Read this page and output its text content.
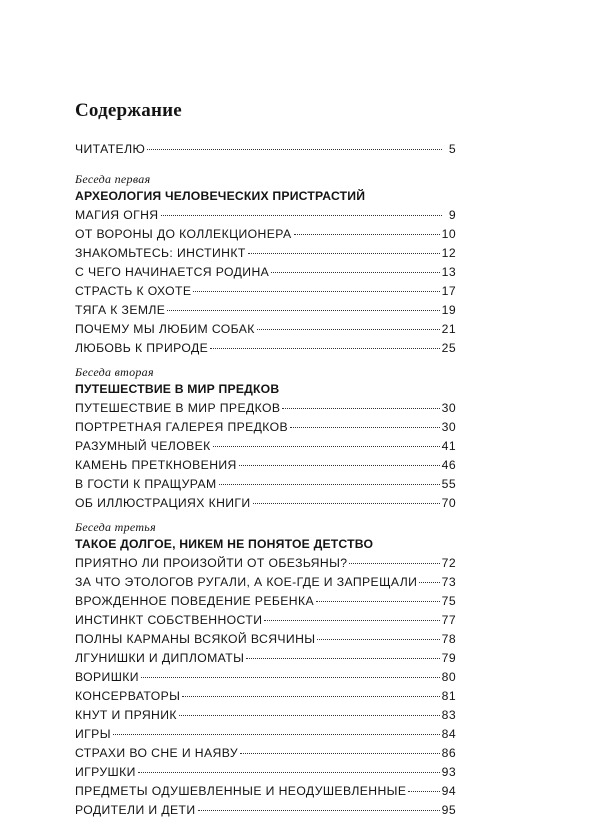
Содержание
ЧИТАТЕЛЮ	5
Беседа первая
АРХЕОЛОГИЯ ЧЕЛОВЕЧЕСКИХ ПРИСТРАСТИЙ
МАГИЯ ОГНЯ	9
ОТ ВОРОНЫ ДО КОЛЛЕКЦИОНЕРА	10
ЗНАКОМЬТЕСЬ: ИНСТИНКТ	12
С ЧЕГО НАЧИНАЕТСЯ РОДИНА	13
СТРАСТЬ К ОХОТЕ	17
ТЯГА К ЗЕМЛЕ	19
ПОЧЕМУ МЫ ЛЮБИМ СОБАК	21
ЛЮБОВЬ К ПРИРОДЕ	25
Беседа вторая
ПУТЕШЕСТВИЕ В МИР ПРЕДКОВ
ПУТЕШЕСТВИЕ В МИР ПРЕДКОВ	30
ПОРТРЕТНАЯ ГАЛЕРЕЯ ПРЕДКОВ	30
РАЗУМНЫЙ ЧЕЛОВЕК	41
КАМЕНЬ ПРЕТКНОВЕНИЯ	46
В ГОСТИ К ПРАЩУРАМ	55
ОБ ИЛЛЮСТРАЦИЯХ КНИГИ	70
Беседа третья
ТАКОЕ ДОЛГОЕ, НИКЕМ НЕ ПОНЯТОЕ ДЕТСТВО
ПРИЯТНО ЛИ ПРОИЗОЙТИ ОТ ОБЕЗЬЯНЫ?	72
ЗА ЧТО ЭТОЛОГОВ РУГАЛИ, А КОЕ-ГДЕ И ЗАПРЕЩАЛИ 73
ВРОЖДЕННОЕ ПОВЕДЕНИЕ РЕБЕНКА	75
ИНСТИНКТ СОБСТВЕННОСТИ	77
ПОЛНЫ КАРМАНЫ ВСЯКОЙ ВСЯЧИНЫ	78
ЛГУНИШКИ И ДИПЛОМАТЫ	79
ВОРИШКИ	80
КОНСЕРВАТОРЫ	81
КНУТ И ПРЯНИК	83
ИГРЫ	84
СТРАХИ ВО СНЕ И НАЯВУ	86
ИГРУШКИ	93
ПРЕДМЕТЫ ОДУШЕВЛЕННЫЕ И НЕОДУШЕВЛЕННЫЕ	94
РОДИТЕЛИ И ДЕТИ	95
